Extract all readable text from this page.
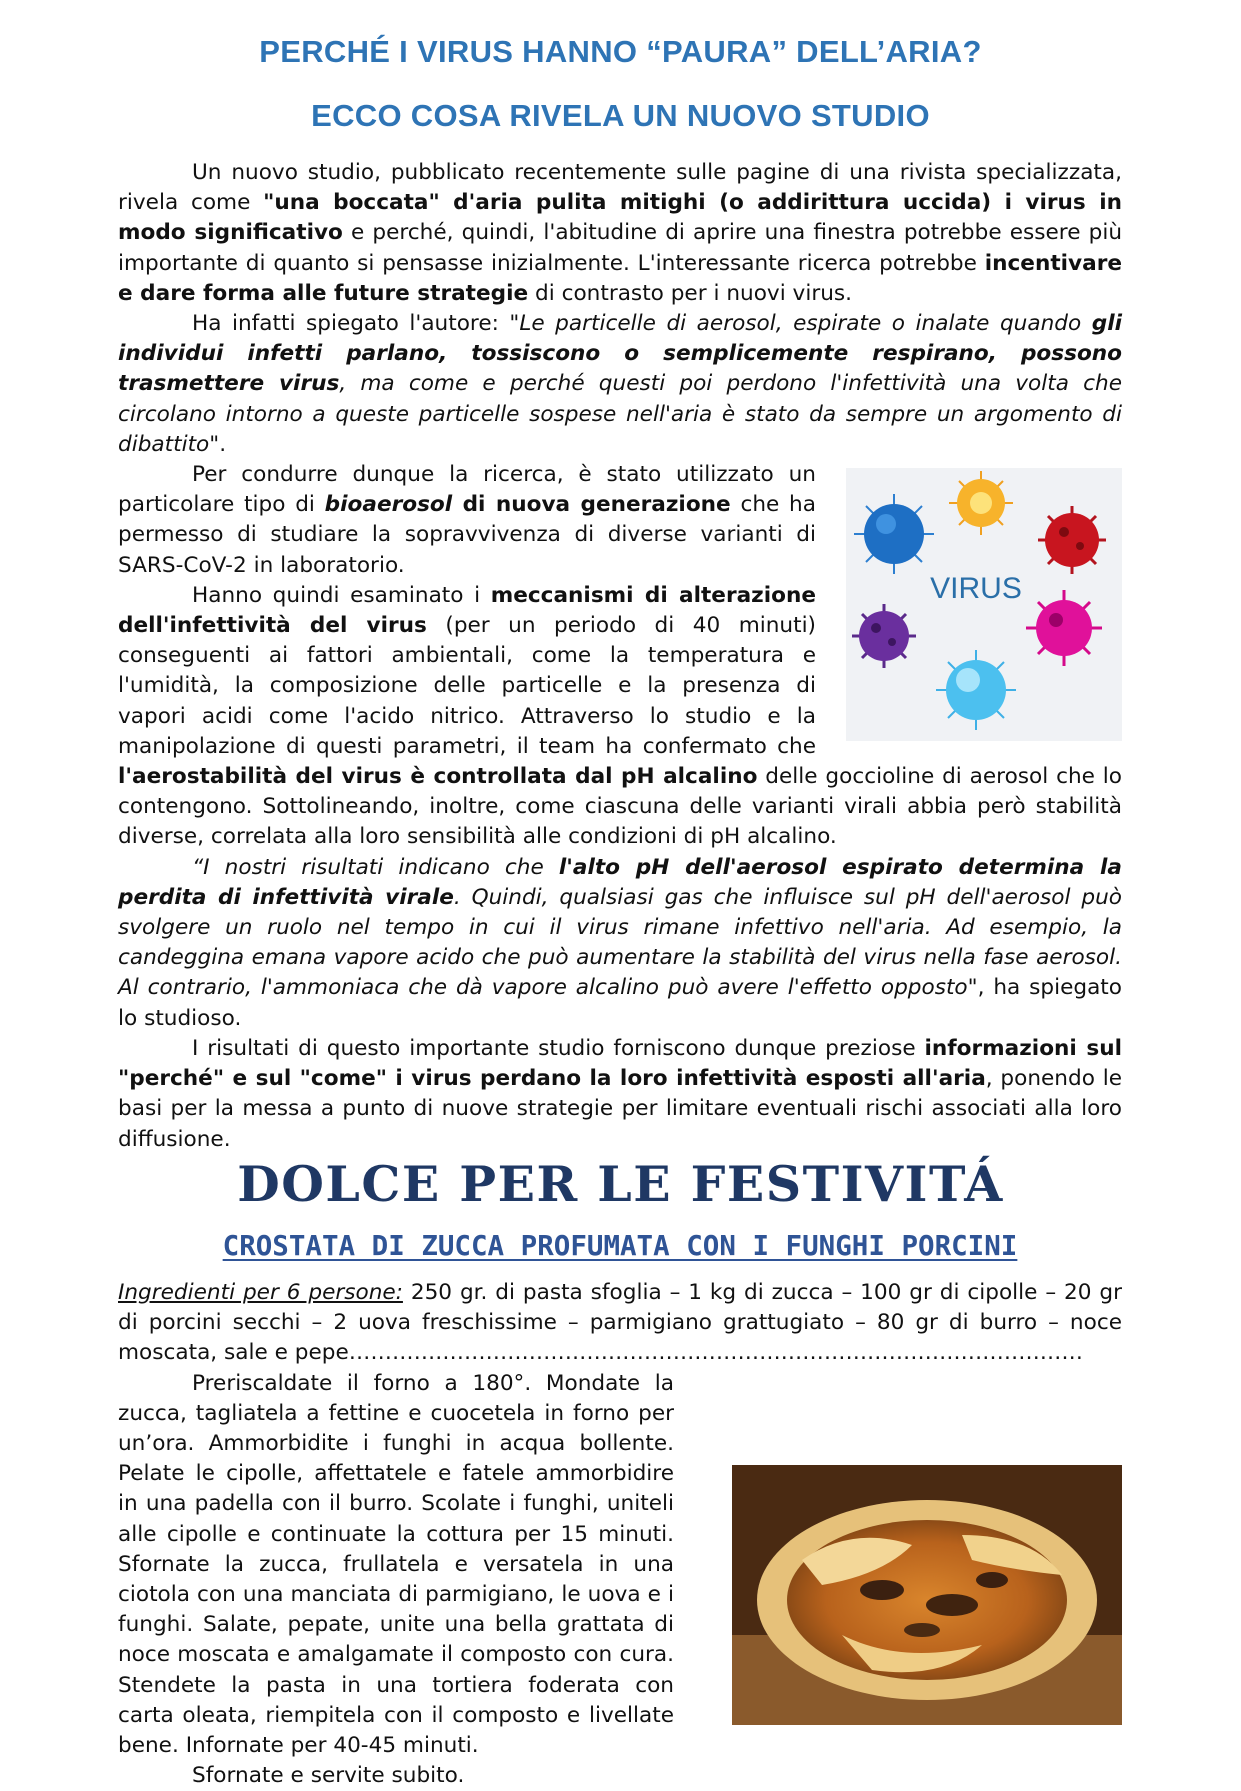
PERCHÉ I VIRUS HANNO “PAURA” DELL’ARIA?
ECCO COSA RIVELA UN NUOVO STUDIO

Un nuovo studio, pubblicato recentemente sulle pagine di una rivista specializzata, rivela come "una boccata" d'aria pulita mitighi (o addirittura uccida) i virus in modo significativo e perché, quindi, l'abitudine di aprire una finestra potrebbe essere più importante di quanto si pensasse inizialmente. L'interessante ricerca potrebbe incentivare e dare forma alle future strategie di contrasto per i nuovi virus.

Ha infatti spiegato l'autore: "Le particelle di aerosol, espirate o inalate quando gli individui infetti parlano, tossiscono o semplicemente respirano, possono trasmettere virus, ma come e perché questi poi perdono l'infettività una volta che circolano intorno a queste particelle sospese nell'aria è stato da sempre un argomento di dibattito".

VIRUS

Per condurre dunque la ricerca, è stato utilizzato un particolare tipo di bioaerosol di nuova generazione che ha permesso di studiare la sopravvivenza di diverse varianti di SARS-CoV-2 in laboratorio.

Hanno quindi esaminato i meccanismi di alterazione dell'infettività del virus (per un periodo di 40 minuti) conseguenti ai fattori ambientali, come la temperatura e l'umidità, la composizione delle particelle e la presenza di vapori acidi come l'acido nitrico. Attraverso lo studio e la manipolazione di questi parametri, il team ha confermato che l'aerostabilità del virus è controllata dal pH alcalino delle goccioline di aerosol che lo contengono. Sottolineando, inoltre, come ciascuna delle varianti virali abbia però stabilità diverse, correlata alla loro sensibilità alle condizioni di pH alcalino.

“I nostri risultati indicano che l'alto pH dell'aerosol espirato determina la perdita di infettività virale. Quindi, qualsiasi gas che influisce sul pH dell'aerosol può svolgere un ruolo nel tempo in cui il virus rimane infettivo nell'aria. Ad esempio, la candeggina emana vapore acido che può aumentare la stabilità del virus nella fase aerosol. Al contrario, l'ammoniaca che dà vapore alcalino può avere l'effetto opposto", ha spiegato lo studioso.

I risultati di questo importante studio forniscono dunque preziose informazioni sul "perché" e sul "come" i virus perdano la loro infettività esposti all'aria, ponendo le basi per la messa a punto di nuove strategie per limitare eventuali rischi associati alla loro diffusione.

DOLCE PER LE FESTIVITÁ
CROSTATA DI ZUCCA PROFUMATA CON I FUNGHI PORCINI

Ingredienti per 6 persone: 250 gr. di pasta sfoglia – 1 kg di zucca – 100 gr di cipolle – 20 gr di porcini secchi – 2 uova freschissime – parmigiano grattugiato – 80 gr di burro – noce moscata, sale e pepe…………………………………………………………………………………………

Preriscaldate il forno a 180°. Mondate la zucca, tagliatela a fettine e cuocetela in forno per un’ora. Ammorbidite i funghi in acqua bollente. Pelate le cipolle, affettatele e fatele ammorbidire in una padella con il burro. Scolate i funghi, uniteli alle cipolle e continuate la cottura per 15 minuti. Sfornate la zucca, frullatela e versatela in una ciotola con una manciata di parmigiano, le uova e i funghi. Salate, pepate, unite una bella grattata di noce moscata e amalgamate il composto con cura. Stendete la pasta in una tortiera foderata con carta oleata, riempitela con il composto e livellate bene. Infornate per 40-45 minuti.

Sfornate e servite subito.
